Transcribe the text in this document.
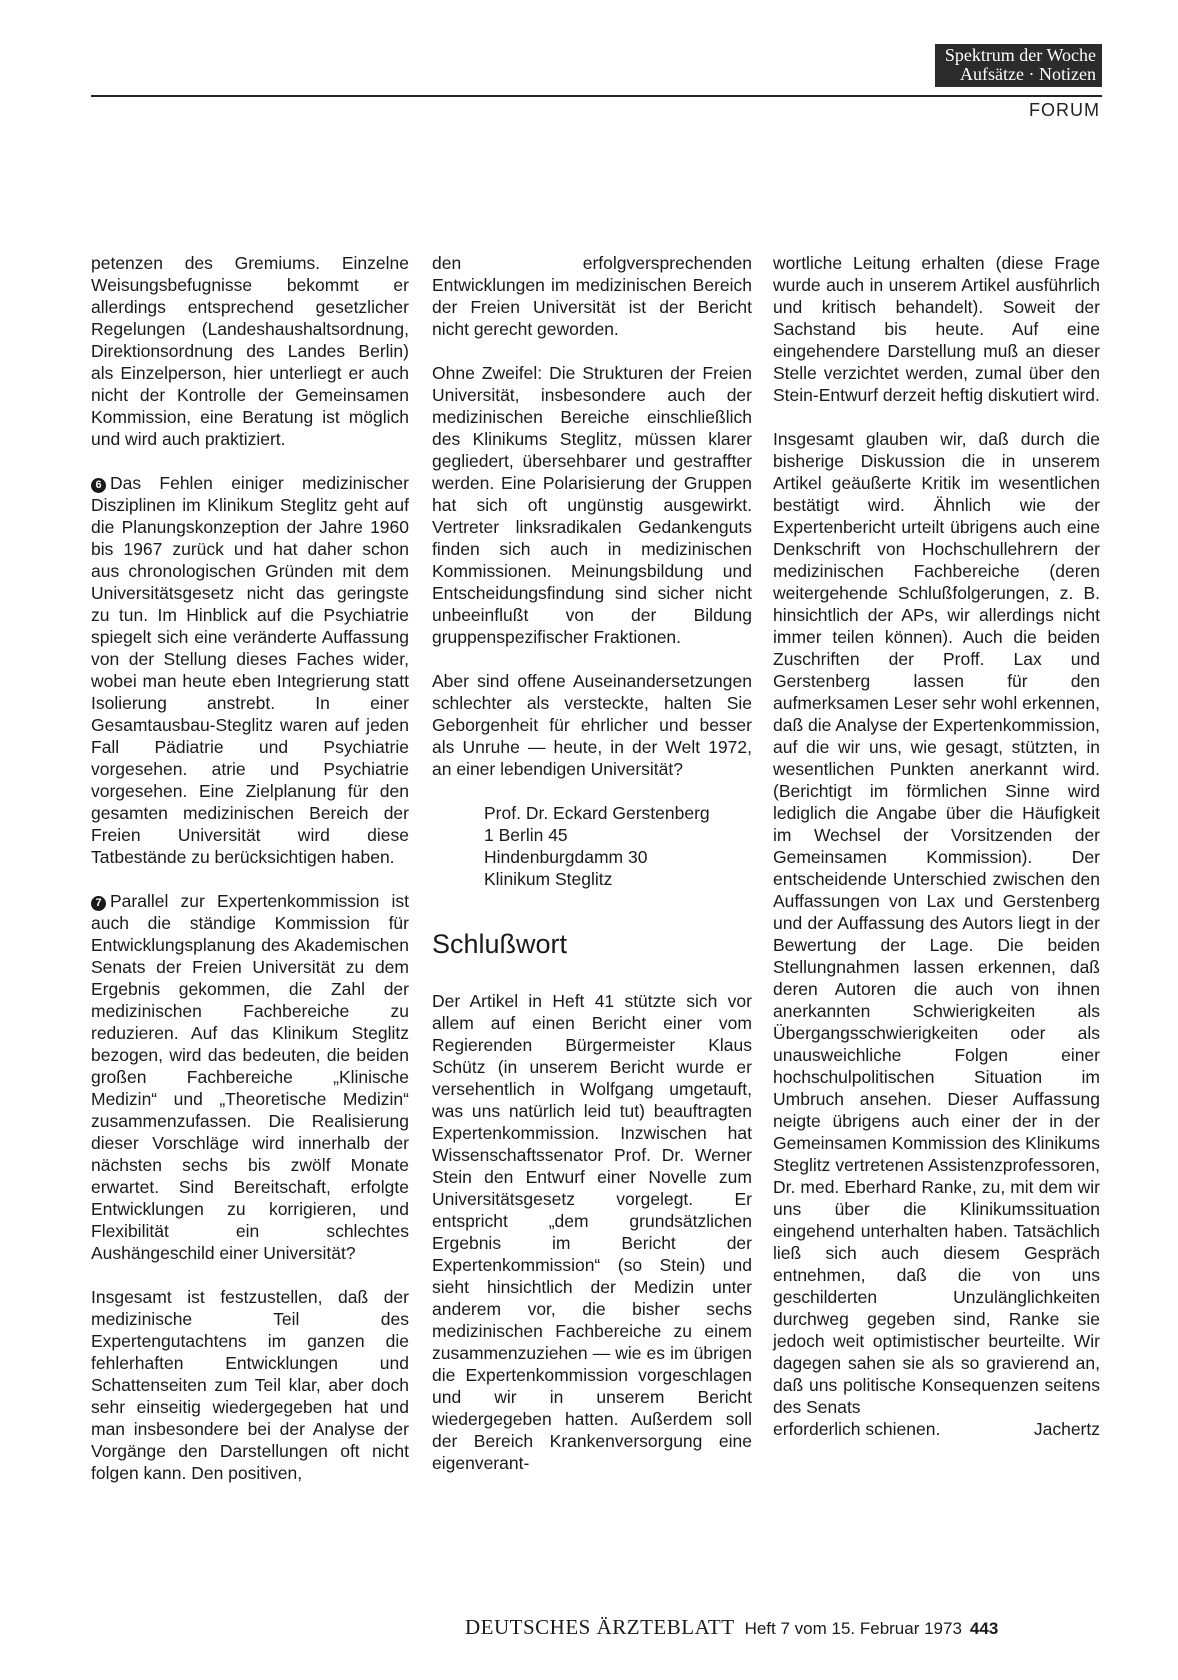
Spektrum der Woche
Aufsätze · Notizen
FORUM

petenzen des Gremiums. Einzelne Weisungsbefugnisse bekommt er allerdings entsprechend gesetzlicher Regelungen (Landeshaushaltsordnung, Direktionsordnung des Landes Berlin) als Einzelperson, hier unterliegt er auch nicht der Kontrolle der Gemeinsamen Kommission, eine Beratung ist möglich und wird auch praktiziert.

6 Das Fehlen einiger medizinischer Disziplinen im Klinikum Steglitz geht auf die Planungskonzeption der Jahre 1960 bis 1967 zurück und hat daher schon aus chronologischen Gründen mit dem Universitätsgesetz nicht das geringste zu tun. Im Hinblick auf die Psychiatrie spiegelt sich eine veränderte Auffassung von der Stellung dieses Faches wider, wobei man heute eben Integrierung statt Isolierung anstrebt. In einer Gesamtausbau-Steglitz waren auf jeden Fall Pädiatrie und Psychiatrie vorgesehen. atrie und Psychiatrie vorgesehen. Eine Zielplanung für den gesamten medizinischen Bereich der Freien Universität wird diese Tatbestände zu berücksichtigen haben.

7 Parallel zur Expertenkommission ist auch die ständige Kommission für Entwicklungsplanung des Akademischen Senats der Freien Universität zu dem Ergebnis gekommen, die Zahl der medizinischen Fachbereiche zu reduzieren. Auf das Klinikum Steglitz bezogen, wird das bedeuten, die beiden großen Fachbereiche „Klinische Medizin“ und „Theoretische Medizin“ zusammenzufassen. Die Realisierung dieser Vorschläge wird innerhalb der nächsten sechs bis zwölf Monate erwartet. Sind Bereitschaft, erfolgte Entwicklungen zu korrigieren, und Flexibilität ein schlechtes Aushängeschild einer Universität?

Insgesamt ist festzustellen, daß der medizinische Teil des Expertengutachtens im ganzen die fehlerhaften Entwicklungen und Schattenseiten zum Teil klar, aber doch sehr einseitig wiedergegeben hat und man insbesondere bei der Analyse der Vorgänge den Darstellungen oft nicht folgen kann. Den positiven,

den erfolgversprechenden Entwicklungen im medizinischen Bereich der Freien Universität ist der Bericht nicht gerecht geworden.

Ohne Zweifel: Die Strukturen der Freien Universität, insbesondere auch der medizinischen Bereiche einschließlich des Klinikums Steglitz, müssen klarer gegliedert, übersehbarer und gestraffter werden. Eine Polarisierung der Gruppen hat sich oft ungünstig ausgewirkt. Vertreter linksradikalen Gedankenguts finden sich auch in medizinischen Kommissionen. Meinungsbildung und Entscheidungsfindung sind sicher nicht unbeeinflußt von der Bildung gruppenspezifischer Fraktionen.

Aber sind offene Auseinandersetzungen schlechter als versteckte, halten Sie Geborgenheit für ehrlicher und besser als Unruhe — heute, in der Welt 1972, an einer lebendigen Universität?

Prof. Dr. Eckard Gerstenberg
1 Berlin 45
Hindenburgdamm 30
Klinikum Steglitz
Schlußwort

Der Artikel in Heft 41 stützte sich vor allem auf einen Bericht einer vom Regierenden Bürgermeister Klaus Schütz (in unserem Bericht wurde er versehentlich in Wolfgang umgetauft, was uns natürlich leid tut) beauftragten Expertenkommission. Inzwischen hat Wissenschaftssenator Prof. Dr. Werner Stein den Entwurf einer Novelle zum Universitätsgesetz vorgelegt. Er entspricht „dem grundsätzlichen Ergebnis im Bericht der Expertenkommission“ (so Stein) und sieht hinsichtlich der Medizin unter anderem vor, die bisher sechs medizinischen Fachbereiche zu einem zusammenzuziehen — wie es im übrigen die Expertenkommission vorgeschlagen und wir in unserem Bericht wiedergegeben hatten. Außerdem soll der Bereich Krankenversorgung eine eigenverant-

wortliche Leitung erhalten (diese Frage wurde auch in unserem Artikel ausführlich und kritisch behandelt). Soweit der Sachstand bis heute. Auf eine eingehendere Darstellung muß an dieser Stelle verzichtet werden, zumal über den Stein-Entwurf derzeit heftig diskutiert wird.

Insgesamt glauben wir, daß durch die bisherige Diskussion die in unserem Artikel geäußerte Kritik im wesentlichen bestätigt wird. Ähnlich wie der Expertenbericht urteilt übrigens auch eine Denkschrift von Hochschullehrern der medizinischen Fachbereiche (deren weitergehende Schlußfolgerungen, z. B. hinsichtlich der APs, wir allerdings nicht immer teilen können). Auch die beiden Zuschriften der Proff. Lax und Gerstenberg lassen für den aufmerksamen Leser sehr wohl erkennen, daß die Analyse der Expertenkommission, auf die wir uns, wie gesagt, stützten, in wesentlichen Punkten anerkannt wird. (Berichtigt im förmlichen Sinne wird lediglich die Angabe über die Häufigkeit im Wechsel der Vorsitzenden der Gemeinsamen Kommission). Der entscheidende Unterschied zwischen den Auffassungen von Lax und Gerstenberg und der Auffassung des Autors liegt in der Bewertung der Lage. Die beiden Stellungnahmen lassen erkennen, daß deren Autoren die auch von ihnen anerkannten Schwierigkeiten als Übergangsschwierigkeiten oder als unausweichliche Folgen einer hochschulpolitischen Situation im Umbruch ansehen. Dieser Auffassung neigte übrigens auch einer der in der Gemeinsamen Kommission des Klinikums Steglitz vertretenen Assistenzprofessoren, Dr. med. Eberhard Ranke, zu, mit dem wir uns über die Klinikumssituation eingehend unterhalten haben. Tatsächlich ließ sich auch diesem Gespräch entnehmen, daß die von uns geschilderten Unzulänglichkeiten durchweg gegeben sind, Ranke sie jedoch weit optimistischer beurteilte. Wir dagegen sahen sie als so gravierend an, daß uns politische Konsequenzen seitens des Senats
erforderlich schienen.	Jachertz
DEUTSCHES ÄRZTEBLATT Heft 7 vom 15. Februar 1973 443
